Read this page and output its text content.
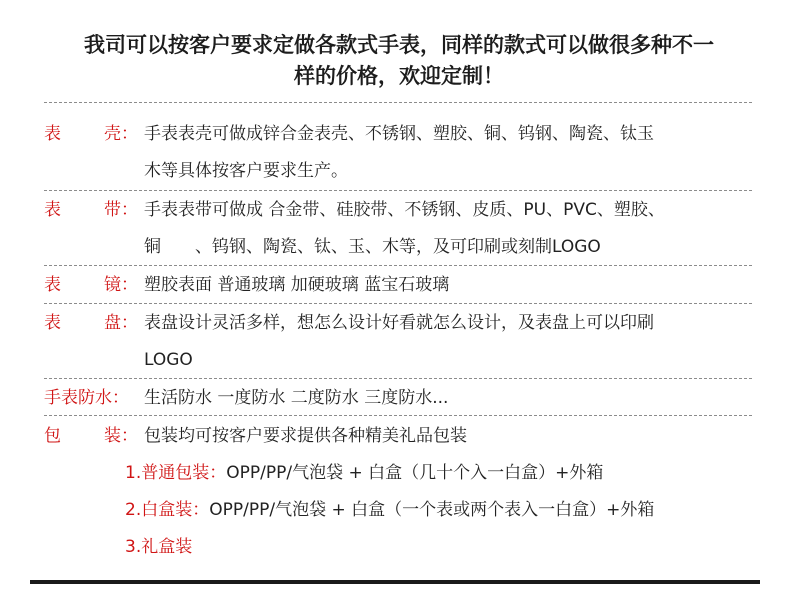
我司可以按客户要求定做各款式手表，同样的款式可以做很多种不一
样的价格，欢迎定制！
表	壳： 手表表壳可做成锌合金表壳、不锈钢、塑胶、铜、钨钢、陶瓷、钛玉
木等具体按客户要求生产。
表	带： 手表表带可做成 合金带、硅胶带、不锈钢、皮质、PU、PVC、塑胶、
铜　　、钨钢、陶瓷、钛、玉、木等，及可印刷或刻制LOGO
表	镜： 塑胶表面 普通玻璃 加硬玻璃 蓝宝石玻璃
表	盘： 表盘设计灵活多样，想怎么设计好看就怎么设计，及表盘上可以印刷
LOGO
手表防水： 生活防水 一度防水 二度防水 三度防水...
包	装： 包装均可按客户要求提供各种精美礼品包装
1.普通包装：OPP/PP/气泡袋 + 白盒（几十个入一白盒）+外箱
2.白盒装：OPP/PP/气泡袋 + 白盒（一个表或两个表入一白盒）+外箱
3.礼盒装
